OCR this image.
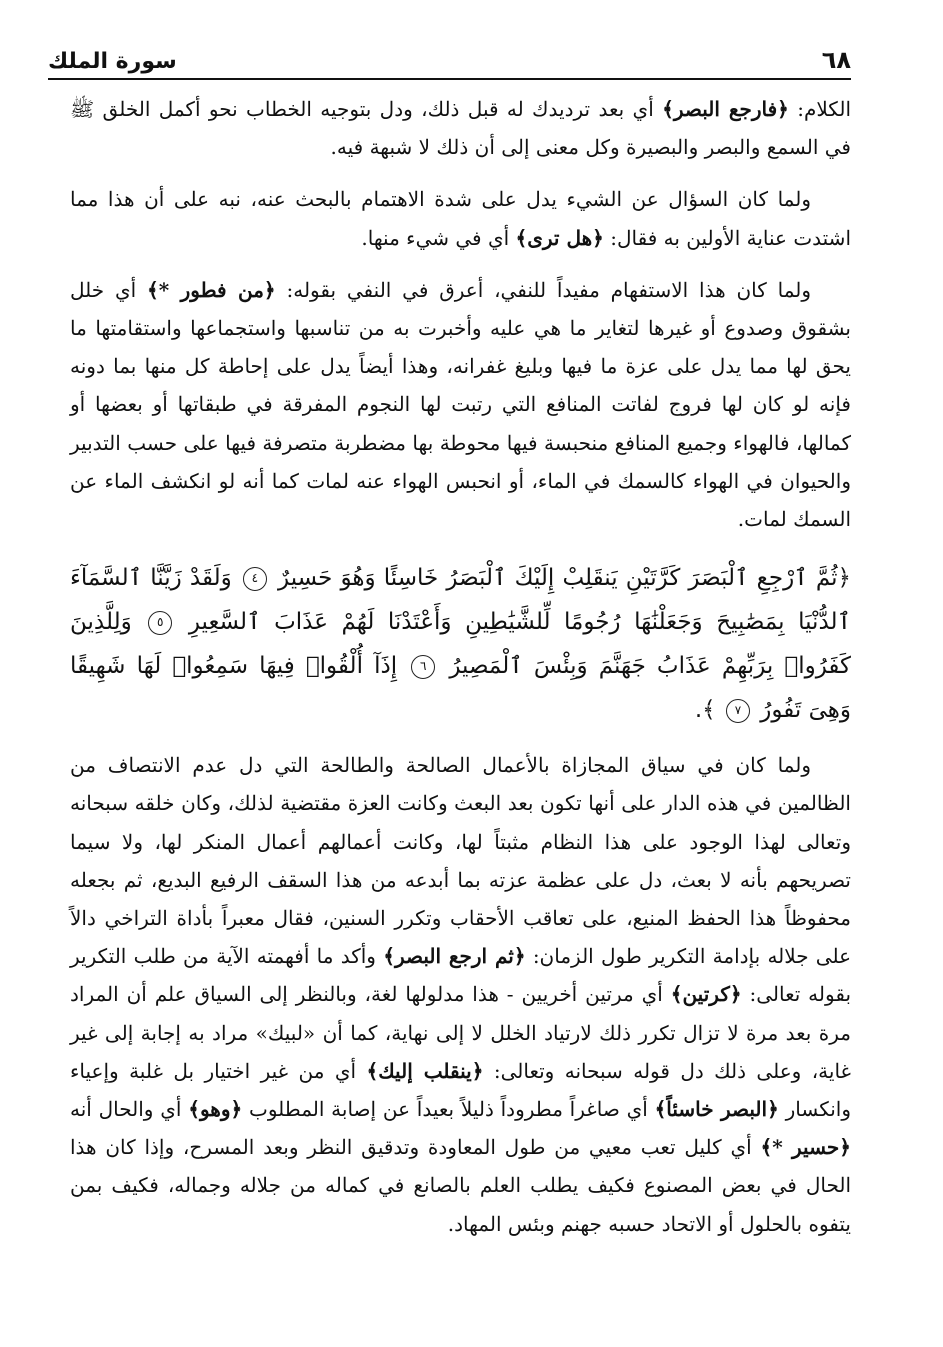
٦٨
سورة الملك

الكلام: ﴿فارجع البصر﴾ أي بعد ترديدك له قبل ذلك، ودل بتوجيه الخطاب نحو أكمل الخلق ﷺ في السمع والبصر والبصيرة وكل معنى إلى أن ذلك لا شبهة فيه.

ولما كان السؤال عن الشيء يدل على شدة الاهتمام بالبحث عنه، نبه على أن هذا مما اشتدت عناية الأولين به فقال: ﴿هل ترى﴾ أي في شيء منها.

ولما كان هذا الاستفهام مفيداً للنفي، أعرق في النفي بقوله: ﴿من فطور *﴾ أي خلل بشقوق وصدوع أو غيرها لتغاير ما هي عليه وأخبرت به من تناسبها واستجماعها واستقامتها ما يحق لها مما يدل على عزة ما فيها وبليغ غفرانه، وهذا أيضاً يدل على إحاطة كل منها بما دونه فإنه لو كان لها فروج لفاتت المنافع التي رتبت لها النجوم المفرقة في طبقاتها أو بعضها أو كمالها، فالهواء وجميع المنافع منحبسة فيها محوطة بها مضطربة متصرفة فيها على حسب التدبير والحيوان في الهواء كالسمك في الماء، أو انحبس الهواء عنه لمات كما أنه لو انكشف الماء عن السمك لمات.

﴿ثُمَّ ٱرْجِعِ ٱلْبَصَرَ كَرَّتَيْنِ يَنقَلِبْ إِلَيْكَ ٱلْبَصَرُ خَاسِئًا وَهُوَ حَسِيرٌ ٤ وَلَقَدْ زَيَّنَّا ٱلسَّمَآءَ ٱلدُّنْيَا بِمَصَٰبِيحَ وَجَعَلْنَٰهَا رُجُومًا لِّلشَّيَٰطِينِ وَأَعْتَدْنَا لَهُمْ عَذَابَ ٱلسَّعِيرِ ٥ وَلِلَّذِينَ كَفَرُوا۟ بِرَبِّهِمْ عَذَابُ جَهَنَّمَ وَبِئْسَ ٱلْمَصِيرُ ٦ إِذَآ أُلْقُوا۟ فِيهَا سَمِعُوا۟ لَهَا شَهِيقًا وَهِىَ تَفُورُ ٧ ﴾.

ولما كان في سياق المجازاة بالأعمال الصالحة والطالحة التي دل عدم الانتصاف من الظالمين في هذه الدار على أنها تكون بعد البعث وكانت العزة مقتضية لذلك، وكان خلقه سبحانه وتعالى لهذا الوجود على هذا النظام مثبتاً لها، وكانت أعمالهم أعمال المنكر لها، ولا سيما تصريحهم بأنه لا بعث، دل على عظمة عزته بما أبدعه من هذا السقف الرفيع البديع، ثم بجعله محفوظاً هذا الحفظ المنيع، على تعاقب الأحقاب وتكرر السنين، فقال معبراً بأداة التراخي دالاً على جلاله بإدامة التكرير طول الزمان: ﴿ثم ارجع البصر﴾ وأكد ما أفهمته الآية من طلب التكرير بقوله تعالى: ﴿كرتين﴾ أي مرتين أخريين - هذا مدلولها لغة، وبالنظر إلى السياق علم أن المراد مرة بعد مرة لا تزال تكرر ذلك لارتياد الخلل لا إلى نهاية، كما أن «لبيك» مراد به إجابة إلى غير غاية، وعلى ذلك دل قوله سبحانه وتعالى: ﴿ينقلب إليك﴾ أي من غير اختيار بل غلبة وإعياء وانكسار ﴿البصر خاسئاً﴾ أي صاغراً مطروداً ذليلاً بعيداً عن إصابة المطلوب ﴿وهو﴾ أي والحال أنه ﴿حسير *﴾ أي كليل تعب معيي من طول المعاودة وتدقيق النظر وبعد المسرح، وإذا كان هذا الحال في بعض المصنوع فكيف يطلب العلم بالصانع في كماله من جلاله وجماله، فكيف بمن يتفوه بالحلول أو الاتحاد حسبه جهنم وبئس المهاد.
